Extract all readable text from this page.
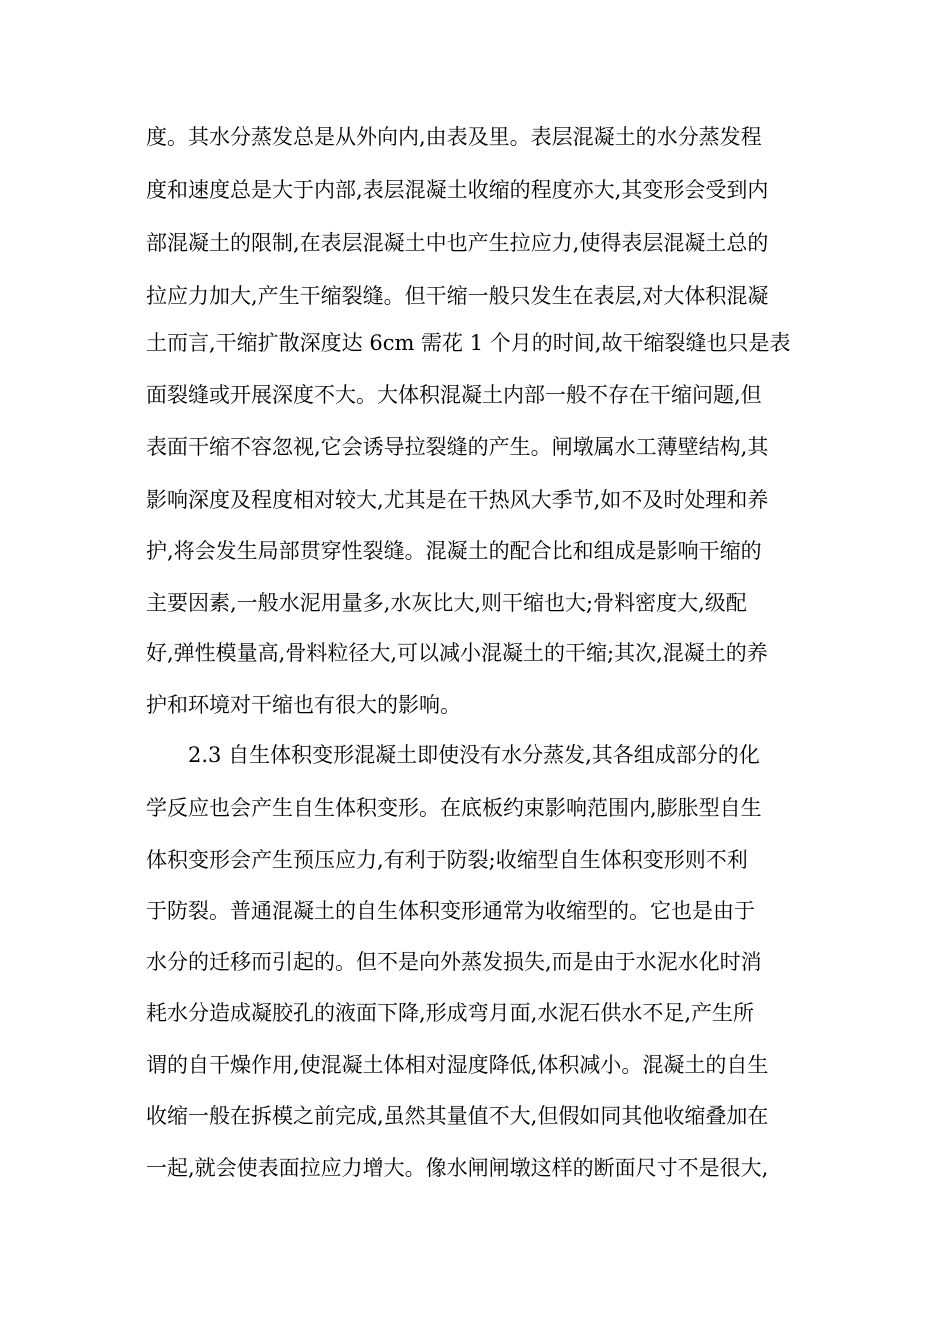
度。其水分蒸发总是从外向内,由表及里。表层混凝土的水分蒸发程
度和速度总是大于内部,表层混凝土收缩的程度亦大,其变形会受到内
部混凝土的限制,在表层混凝土中也产生拉应力,使得表层混凝土总的
拉应力加大,产生干缩裂缝。但干缩一般只发生在表层,对大体积混凝
土而言,干缩扩散深度达 6cm 需花 1 个月的时间,故干缩裂缝也只是表
面裂缝或开展深度不大。大体积混凝土内部一般不存在干缩问题,但
表面干缩不容忽视,它会诱导拉裂缝的产生。闸墩属水工薄壁结构,其
影响深度及程度相对较大,尤其是在干热风大季节,如不及时处理和养
护,将会发生局部贯穿性裂缝。混凝土的配合比和组成是影响干缩的
主要因素,一般水泥用量多,水灰比大,则干缩也大;骨料密度大,级配
好,弹性模量高,骨料粒径大,可以减小混凝土的干缩;其次,混凝土的养
护和环境对干缩也有很大的影响。
2.3 自生体积变形混凝土即使没有水分蒸发,其各组成部分的化
学反应也会产生自生体积变形。在底板约束影响范围内,膨胀型自生
体积变形会产生预压应力,有利于防裂;收缩型自生体积变形则不利
于防裂。普通混凝土的自生体积变形通常为收缩型的。它也是由于
水分的迁移而引起的。但不是向外蒸发损失,而是由于水泥水化时消
耗水分造成凝胶孔的液面下降,形成弯月面,水泥石供水不足,产生所
谓的自干燥作用,使混凝土体相对湿度降低,体积减小。混凝土的自生
收缩一般在拆模之前完成,虽然其量值不大,但假如同其他收缩叠加在
一起,就会使表面拉应力增大。像水闸闸墩这样的断面尺寸不是很大,
